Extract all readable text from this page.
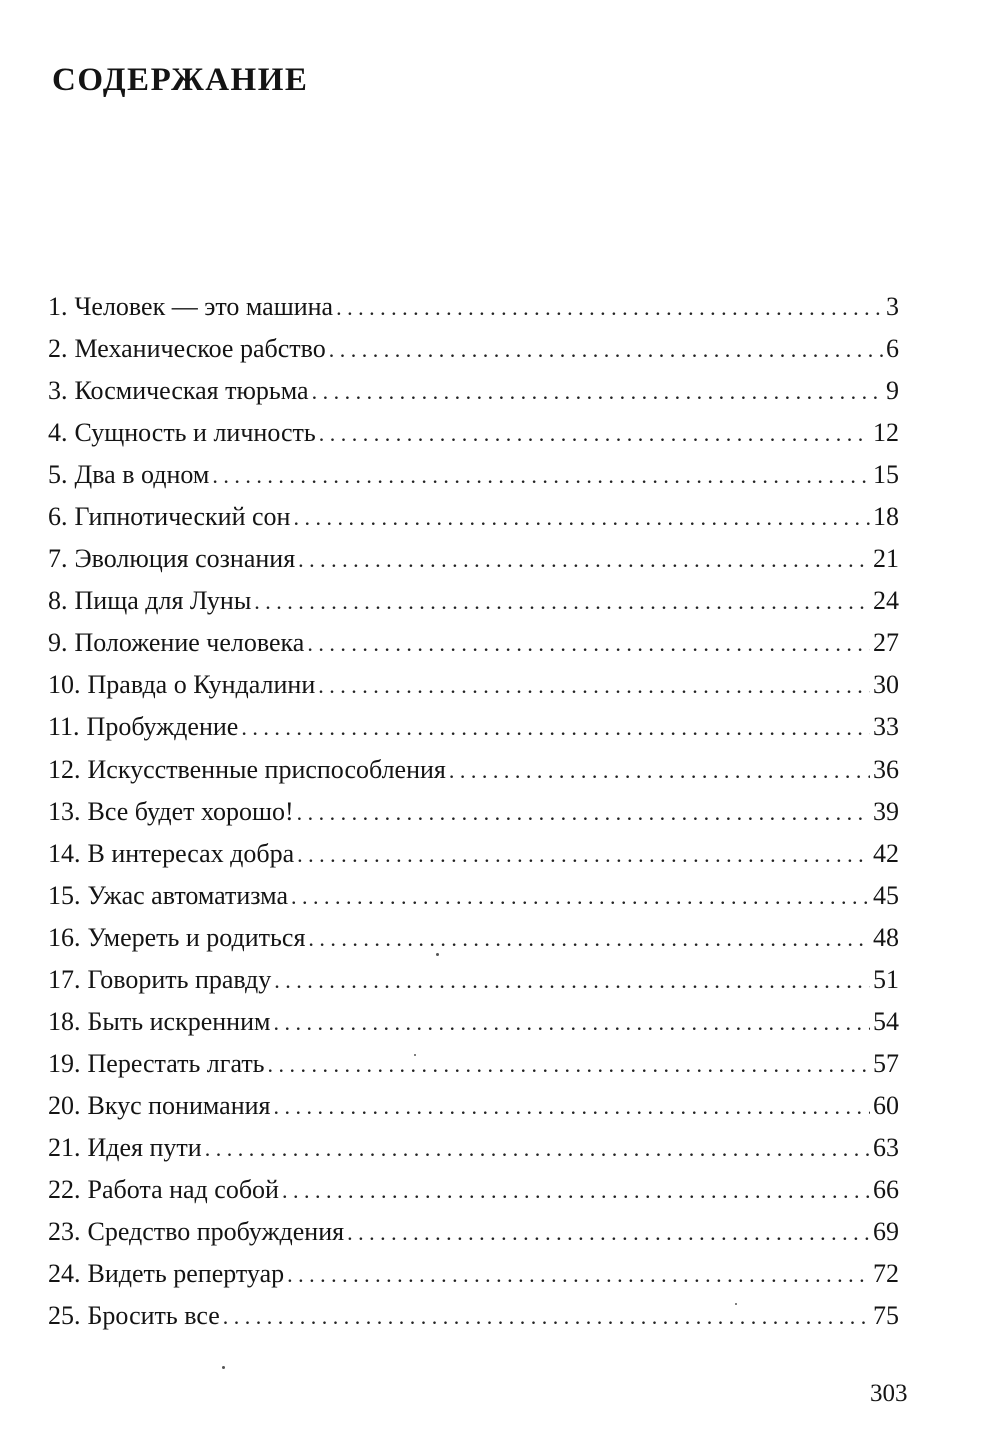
СОДЕРЖАНИЕ
1. Человек — это машина . . .	3
2. Механическое рабство . . .	6
3. Космическая тюрьма . . .	9
4. Сущность и личность . . .	12
5. Два в одном . . .	15
6. Гипнотический сон . . .	18
7. Эволюция сознания . . .	21
8. Пища для Луны . . .	24
9. Положение человека . . .	27
10. Правда о Кундалини . . .	30
11. Пробуждение . . .	33
12. Искусственные приспособления . . .	36
13. Все будет хорошо! . . .	39
14. В интересах добра . . .	42
15. Ужас автоматизма . . .	45
16. Умереть и родиться . . .	48
17. Говорить правду . . .	51
18. Быть искренним . . .	54
19. Перестать лгать . . .	57
20. Вкус понимания . . .	60
21. Идея пути . . .	63
22. Работа над собой . . .	66
23. Средство пробуждения . . .	69
24. Видеть репертуар . . .	72
25. Бросить все . . .	75
303
